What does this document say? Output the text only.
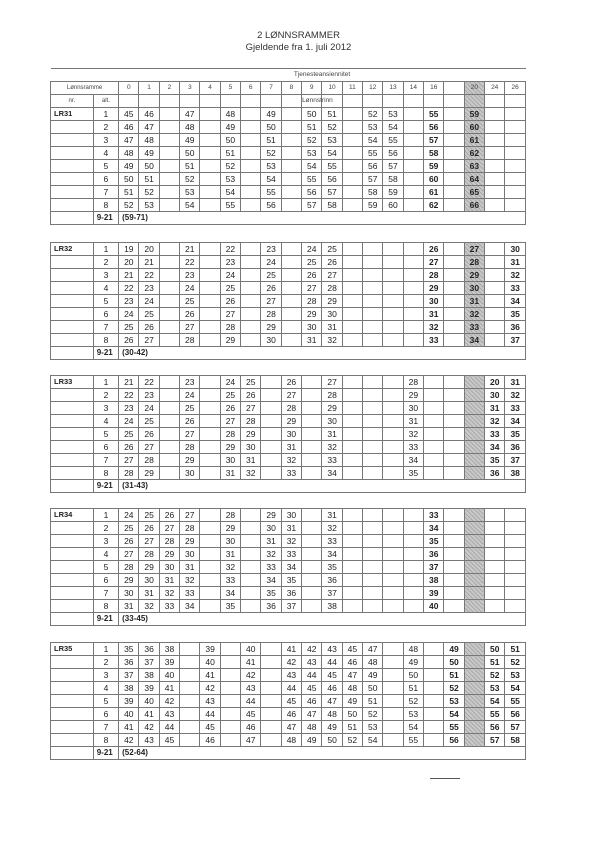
2 LØNNSRAMMER
Gjeldende fra 1. juli 2012
		Tjenesteansiennitet																			
Lønnsramme		0	1	2	3	4	5	6	7	8	9	10	11	12	13	14	16		20	24	26
nr.	alt.										Lønnstrinn										
LR31	1	45	46		47		48		49		50	51		52	53		55		59		
	2	46	47		48		49		50		51	52		53	54		56		60		
	3	47	48		49		50		51		52	53		54	55		57		61		
	4	48	49		50		51		52		53	54		55	56		58		62		
	5	49	50		51		52		53		54	55		56	57		59		63		
	6	50	51		52		53		54		55	56		57	58		60		64		
	7	51	52		53		54		55		56	57		58	59		61		65		
	8	52	53		54		55		56		57	58		59	60		62		66		
	9-21	(59-71)																			
LR32	1	19	20		21		22		23		24	25					26		27		30
	2	20	21		22		23		24		25	26					27		28		31
	3	21	22		23		24		25		26	27					28		29		32
	4	22	23		24		25		26		27	28					29		30		33
	5	23	24		25		26		27		28	29					30		31		34
	6	24	25		26		27		28		29	30					31		32		35
	7	25	26		27		28		29		30	31					32		33		36
	8	26	27		28		29		30		31	32					33		34		37
	9-21	(30-42)																			
LR33	1	21	22		23		24	25		26		27				28				20	31
	2	22	23		24		25	26		27		28				29				30	32
	3	23	24		25		26	27		28		29				30				31	33
	4	24	25		26		27	28		29		30				31				32	34
	5	25	26		27		28	29		30		31				32				33	35
	6	26	27		28		29	30		31		32				33				34	36
	7	27	28		29		30	31		32		33				34				35	37
	8	28	29		30		31	32		33		34				35				36	38
	9-21	(31-43)																			
LR34	1	24	25	26	27		28		29	30		31					33				
	2	25	26	27	28		29		30	31		32					34				
	3	26	27	28	29		30		31	32		33					35				
	4	27	28	29	30		31		32	33		34					36				
	5	28	29	30	31		32		33	34		35					37				
	6	29	30	31	32		33		34	35		36					38				
	7	30	31	32	33		34		35	36		37					39				
	8	31	32	33	34		35		36	37		38					40				
	9-21	(33-45)																			
LR35	1	35	36	38		39		40		41	42	43	45	47		48		49		50	51
	2	36	37	39		40		41		42	43	44	46	48		49		50		51	52
	3	37	38	40		41		42		43	44	45	47	49		50		51		52	53
	4	38	39	41		42		43		44	45	46	48	50		51		52		53	54
	5	39	40	42		43		44		45	46	47	49	51		52		53		54	55
	6	40	41	43		44		45		46	47	48	50	52		53		54		55	56
	7	41	42	44		45		46		47	48	49	51	53		54		55		56	57
	8	42	43	45		46		47		48	49	50	52	54		55		56		57	58
	9-21	(52-64)																			
